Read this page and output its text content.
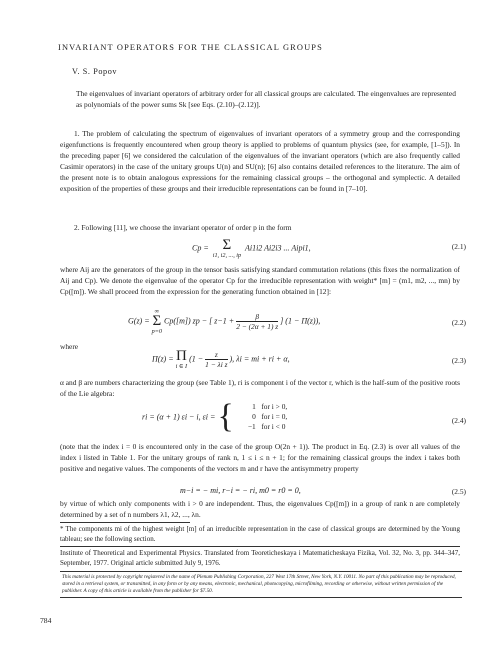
INVARIANT OPERATORS FOR THE CLASSICAL GROUPS
V. S. Popov
The eigenvalues of invariant operators of arbitrary order for all classical groups are calculated. The eingenvalues are represented as polynomials of the power sums Sk [see Eqs. (2.10)–(2.12)].
1. The problem of calculating the spectrum of eigenvalues of invariant operators of a symmetry group and the corresponding eigenfunctions is frequently encountered when group theory is applied to problems of quantum physics (see, for example, [1–5]). In the preceding paper [6] we considered the calculation of the eigenvalues of the invariant operators (which are also frequently called Casimir operators) in the case of the unitary groups U(n) and SU(n); [6] also contains detailed references to the literature. The aim of the present note is to obtain analogous expressions for the remaining classical groups – the orthogonal and symplectic. A detailed exposition of the properties of these groups and their irreducible representations can be found in [7–10].
2. Following [11], we choose the invariant operator of order p in the form
Cp = Σ
i1, i2, ..., ip
Ai1i2 Ai2i3 ... Aipi1,	(2.1)
where Aij are the generators of the group in the tensor basis satisfying standard commutation relations (this fixes the normalization of Aij and Cp). We denote the eigenvalue of the operator Cp for the irreducible representation with weight* [m] = (m1, m2, ..., mn) by Cp([m]). We shall proceed from the expression for the generating function obtained in [12]:
G(z) =
∞
Σ
p=0
Cp([m]) zp − [ $z-1 + \frac{\beta}{2 - (2\alpha + 1) z}$ ] (1 − Π(z)),	(2.2)
where
Π(z) = Π
i ∈ I
($1 - \frac{z}{\text{1 − λi z}}$ ), λi = mi + ri + α,	(2.3)
α and β are numbers characterizing the group (see Table 1), ri is component i of the vector r, which is the half-sum of the positive roots of the Lie algebra:
ri = (α + 1) εi − i, εi = {	1 for i > 0,
0 for i = 0,
−1 for i < 0
(2.4)
(note that the index i = 0 is encountered only in the case of the group O(2n + 1)). The product in Eq. (2.3) is over all values of the index i listed in Table 1. For the unitary groups of rank n, 1 ≤ i ≤ n + 1; for the remaining classical groups the index i takes both positive and negative values. The components of the vectors m and r have the antisymmetry property
m−i = − mi, r−i = − ri, m0 = r0 = 0,	(2.5)
by virtue of which only components with i > 0 are independent. Thus, the eigenvalues Cp([m]) in a group of rank n are completely determined by a set of n numbers λ1, λ2, ..., λn.
* The components mi of the highest weight [m] of an irreducible representation in the case of classical groups are determined by the Young tableau; see the following section.
Institute of Theoretical and Experimental Physics. Translated from Teoreticheskaya i Matematicheskaya Fizika, Vol. 32, No. 3, pp. 344–347, September, 1977. Original article submitted July 9, 1976.
This material is protected by copyright registered in the name of Plenum Publishing Corporation, 227 West 17th Street, New York, N.Y. 10011. No part of this publication may be reproduced, stored in a retrieval system, or transmitted, in any form or by any means, electronic, mechanical, photocopying, microfilming, recording or otherwise, without written permission of the publisher. A copy of this article is available from the publisher for $7.50.
784
